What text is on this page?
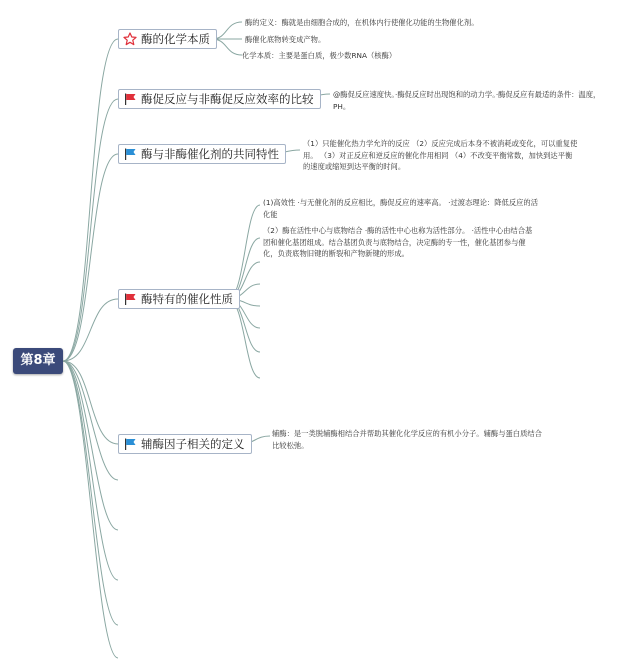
第8章
酶的化学本质
酶促反应与非酶促反应效率的比较
酶与非酶催化剂的共同特性
酶特有的催化性质
辅酶因子相关的定义
酶的定义：酶就是由细胞合成的，在机体内行使催化功能的生物催化剂。
酶催化底物转变成产物。
化学本质：主要是蛋白质，极少数RNA（核酶）
@酶促反应速度快。·酶促反应时出现饱和的动力学。·酶促反应有最适的条件：温度，PH。
（1）只能催化热力学允许的反应 （2）反应完成后本身不被消耗或变化，可以重复使用。 （3）对正反应和逆反应的催化作用相同 （4）不改变平衡常数，加快到达平衡的速度或缩短到达平衡的时间。
(1)高效性 ·与无催化剂的反应相比，酶促反应的速率高。 ·过渡态理论：降低反应的活化能
（2）酶在活性中心与底物结合 ·酶的活性中心也称为活性部分。 ·活性中心由结合基团和催化基团组成。结合基团负责与底物结合，决定酶的专一性，催化基团参与催化，负责底物旧键的断裂和产物新键的形成。
辅酶：是一类脱辅酶相结合并帮助其催化化学反应的有机小分子。辅酶与蛋白质结合比较松弛。
